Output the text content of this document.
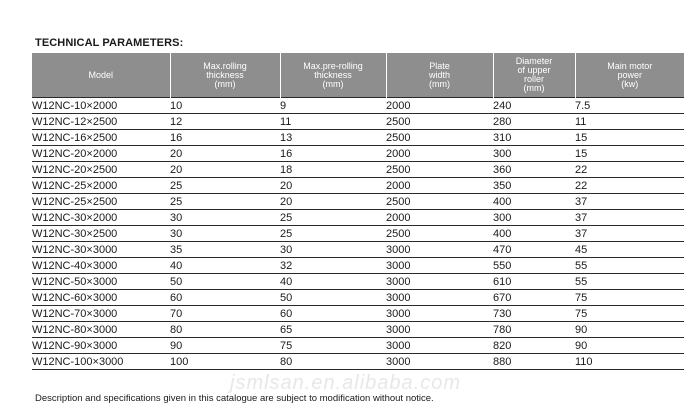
TECHNICAL PARAMETERS:
Model	Max.rolling
thickness
(mm)	Max.pre-rolling
thickness
(mm)	Plate
width
(mm)	Diameter
of upper
roller
(mm)	Main motor
power
(kw)

W12NC-10×2000	10	9	2000	240	7.5
W12NC-12×2500	12	11	2500	280	11
W12NC-16×2500	16	13	2500	310	15
W12NC-20×2000	20	16	2000	300	15
W12NC-20×2500	20	18	2500	360	22
W12NC-25×2000	25	20	2000	350	22
W12NC-25×2500	25	20	2500	400	37
W12NC-30×2000	30	25	2000	300	37
W12NC-30×2500	30	25	2500	400	37
W12NC-30×3000	35	30	3000	470	45
W12NC-40×3000	40	32	3000	550	55
W12NC-50×3000	50	40	3000	610	55
W12NC-60×3000	60	50	3000	670	75
W12NC-70×3000	70	60	3000	730	75
W12NC-80×3000	80	65	3000	780	90
W12NC-90×3000	90	75	3000	820	90
W12NC-100×3000	100	80	3000	880	110
jsmlsan.en.alibaba.com
Description and specifications given in this catalogue are subject to modification without notice.
